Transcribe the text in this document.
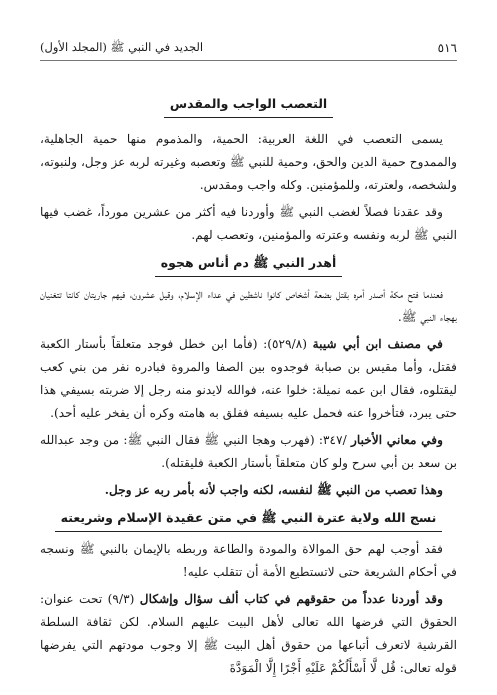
٥١٦
الجديد في النبي ﷺ (المجلد الأول)
التعصب الواجب والمقدس

يسمى التعصب في اللغة العربية: الحمية، والمذموم منها حمية الجاهلية، والممدوح حمية الدين والحق، وحمية للنبي ﷺ وتعصبه وغيرته لربه عز وجل، ولنبوته، ولشخصه، ولعترته، وللمؤمنين. وكله واجب ومقدس.

وقد عقدنا فصلاً لغضب النبي ﷺ وأوردنا فيه أكثر من عشرين مورداً، غضب فيها النبي ﷺ لربه ونفسه وعترته والمؤمنين، وتعصب لهم.

أهدر النبي ﷺ دم أناس هجوه

فعندما فتح مكة أصدر أمره بقتل بضعة أشخاص كانوا ناشطين في عداء الإسلام، وقيل عشرون، فيهم جاريتان كانتا تتغنيان بهجاء النبي ﷺ.

في مصنف ابن أبي شيبة (٥٢٩/٨): (فأما ابن خطل فوجد متعلقاً بأستار الكعبة فقتل، وأما مقيس بن صبابة فوجدوه بين الصفا والمروة فبادره نفر من بني كعب ليقتلوه، فقال ابن عمه نميلة: خلوا عنه، فوالله لايدنو منه رجل إلا ضربته بسيفي هذا حتى يبرد، فتأخروا عنه فحمل عليه بسيفه ففلق به هامته وكره أن يفخر عليه أحد).

وفي معاني الأخبار /٣٤٧: (فهرب وهجا النبي ﷺ فقال النبي ﷺ: من وجد عبدالله بن سعد بن أبي سرح ولو كان متعلقاً بأستار الكعبة فليقتله).

وهذا تعصب من النبي ﷺ لنفسه، لكنه واجب لأنه بأمر ربه عز وجل.

نسج الله ولاية عترة النبي ﷺ في متن عقيدة الإسلام وشريعته

فقد أوجب لهم حق الموالاة والمودة والطاعة وربطه بالإيمان بالنبي ﷺ ونسجه في أحكام الشريعة حتى لاتستطيع الأمة أن تتقلب عليه!

وقد أوردنا عدداً من حقوقهم في كتاب ألف سؤال وإشكال (٩/٣) تحت عنوان: الحقوق التي فرضها الله تعالى لأهل البيت عليهم السلام. لكن ثقافة السلطة القرشية لاتعرف أتباعها من حقوق أهل البيت ﷺ إلا وجوب مودتهم التي يفرضها قوله تعالى: قُل لَّا أَسْأَلُكُمْ عَلَيْهِ أَجْرًا إِلَّا الْمَوَدَّةَ
